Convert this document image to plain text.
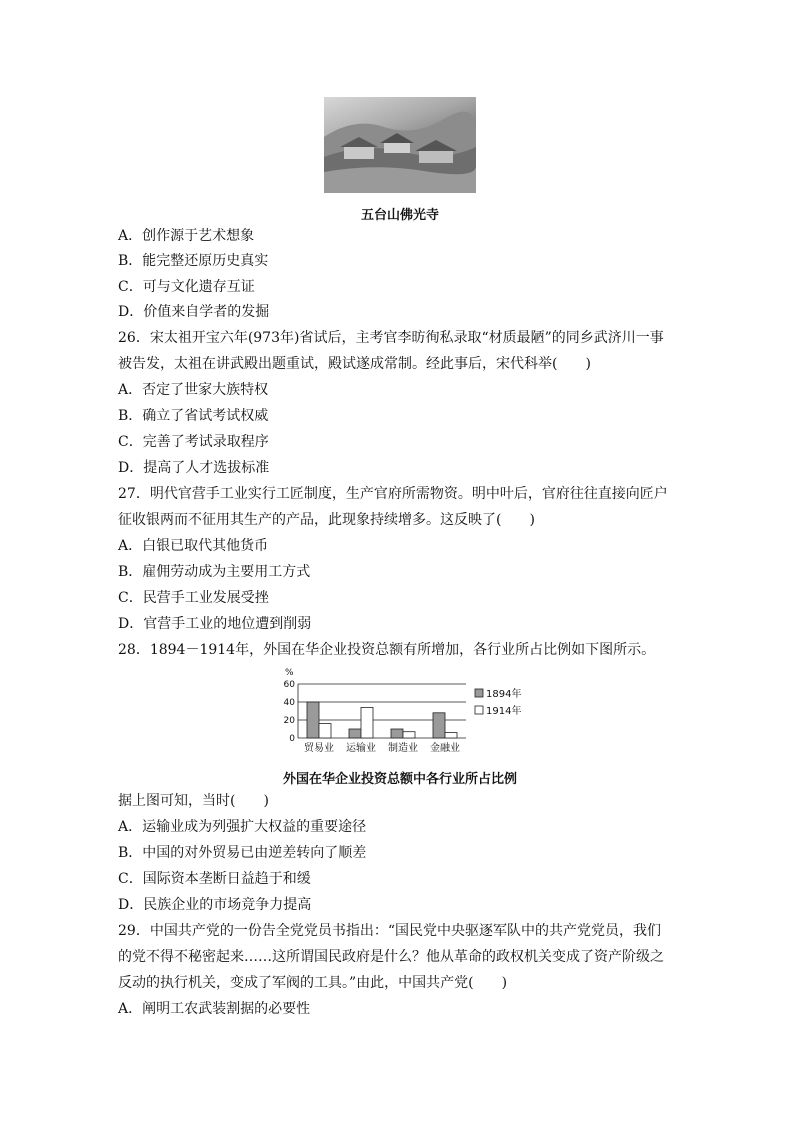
五台山佛光寺
A．创作源于艺术想象
B．能完整还原历史真实
C．可与文化遗存互证
D．价值来自学者的发掘
26．宋太祖开宝六年(973年)省试后，主考官李昉徇私录取“材质最陋”的同乡武济川一事
被告发，太祖在讲武殿出题重试，殿试遂成常制。经此事后，宋代科举(　　)
A．否定了世家大族特权
B．确立了省试考试权威
C．完善了考试录取程序
D．提高了人才选拔标准
27．明代官营手工业实行工匠制度，生产官府所需物资。明中叶后，官府往往直接向匠户
征收银两而不征用其生产的产品，此现象持续增多。这反映了(　　)
A．白银已取代其他货币
B．雇佣劳动成为主要用工方式
C．民营手工业发展受挫
D．官营手工业的地位遭到削弱
28．1894－1914年，外国在华企业投资总额有所增加，各行业所占比例如下图所示。
%
0
20
40
60
贸易业 运输业 制造业 金融业
1894年
1914年
外国在华企业投资总额中各行业所占比例
据上图可知，当时(　　)
A．运输业成为列强扩大权益的重要途径
B．中国的对外贸易已由逆差转向了顺差
C．国际资本垄断日益趋于和缓
D．民族企业的市场竞争力提高
29．中国共产党的一份告全党党员书指出：“国民党中央驱逐军队中的共产党党员，我们
的党不得不秘密起来……这所谓国民政府是什么？他从革命的政权机关变成了资产阶级之
反动的执行机关，变成了军阀的工具。”由此，中国共产党(　　)
A．阐明工农武装割据的必要性
